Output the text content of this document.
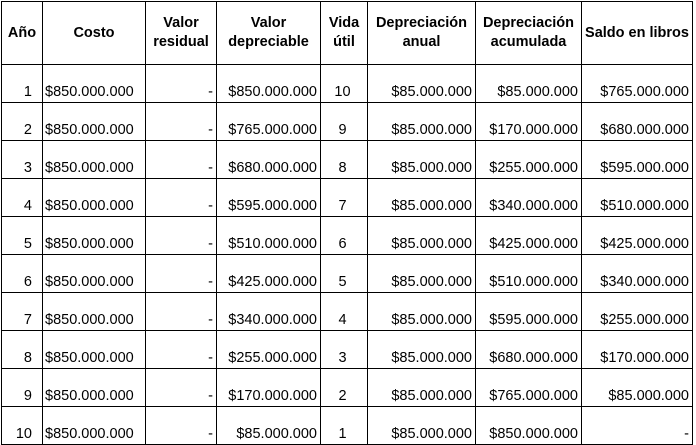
Año	Costo	Valor residual	Valor depreciable	Vida útil	Depreciación anual	Depreciación acumulada	Saldo en libros
1	$850.000.000	-	$850.000.000	10	$85.000.000	$85.000.000	$765.000.000
2	$850.000.000	-	$765.000.000	9	$85.000.000	$170.000.000	$680.000.000
3	$850.000.000	-	$680.000.000	8	$85.000.000	$255.000.000	$595.000.000
4	$850.000.000	-	$595.000.000	7	$85.000.000	$340.000.000	$510.000.000
5	$850.000.000	-	$510.000.000	6	$85.000.000	$425.000.000	$425.000.000
6	$850.000.000	-	$425.000.000	5	$85.000.000	$510.000.000	$340.000.000
7	$850.000.000	-	$340.000.000	4	$85.000.000	$595.000.000	$255.000.000
8	$850.000.000	-	$255.000.000	3	$85.000.000	$680.000.000	$170.000.000
9	$850.000.000	-	$170.000.000	2	$85.000.000	$765.000.000	$85.000.000
10	$850.000.000	-	$85.000.000	1	$85.000.000	$850.000.000	-
